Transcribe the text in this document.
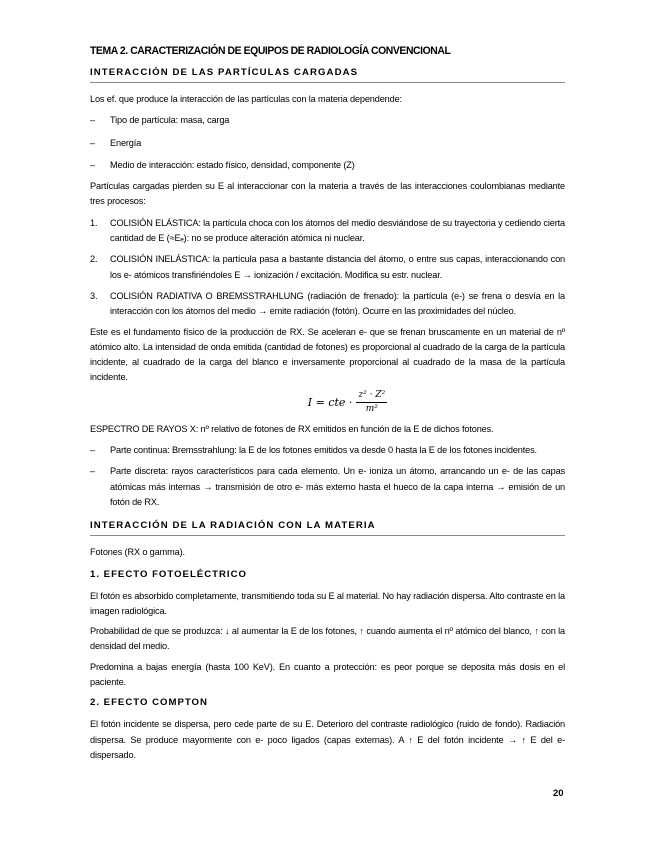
TEMA 2. CARACTERIZACIÓN DE EQUIPOS DE RADIOLOGÍA CONVENCIONAL
INTERACCIÓN DE LAS PARTÍCULAS CARGADAS

Los ef. que produce la interacción de las partículas con la materia dependende:

– Tipo de partícula: masa, carga
– Energía
– Medio de interacción: estado físico, densidad, componente (Z)

Partículas cargadas pierden su E al interaccionar con la materia a través de las interacciones coulombianas mediante tres procesos:

1. COLISIÓN ELÁSTICA: la partícula choca con los átomos del medio desviándose de su trayectoria y cediendo cierta cantidad de E (≈Eₑ): no se produce alteración atómica ni nuclear.
2. COLISIÓN INELÁSTICA: la partícula pasa a bastante distancia del átomo, o entre sus capas, interaccionando con los e- atómicos transfiriéndoles E → ionización / excitación. Modifica su estr. nuclear.
3. COLISIÓN RADIATIVA O BREMSSTRAHLUNG (radiación de frenado): la partícula (e-) se frena o desvía en la interacción con los átomos del medio → emite radiación (fotón). Ocurre en las proximidades del núcleo.

Este es el fundamento físico de la producción de RX. Se aceleran e- que se frenan bruscamente en un material de nº atómico alto. La intensidad de onda emitida (cantidad de fotones) es proporcional al cuadrado de la carga de la partícula incidente, al cuadrado de la carga del blanco e inversamente proporcional al cuadrado de la masa de la partícula incidente.

I = cte · $\frac{\text{z² · Z²}}{\text{m²}}$

ESPECTRO DE RAYOS X: nº relativo de fotones de RX emitidos en función de la E de dichos fotones.

– Parte continua: Bremsstrahlung: la E de los fotones emitidos va desde 0 hasta la E de los fotones incidentes.
– Parte discreta: rayos característicos para cada elemento. Un e- ioniza un átomo, arrancando un e- de las capas atómicas más internas → transmisión de otro e- más externo hasta el hueco de la capa interna → emisión de un fotón de RX.
INTERACCIÓN DE LA RADIACIÓN CON LA MATERIA

Fotones (RX o gamma).

1. EFECTO FOTOELÉCTRICO

El fotón es absorbido completamente, transmitiendo toda su E al material. No hay radiación dispersa. Alto contraste en la imagen radiológica.

Probabilidad de que se produzca: ↓ al aumentar la E de los fotones, ↑ cuando aumenta el nº atómico del blanco, ↑ con la densidad del medio.

Predomina a bajas energía (hasta 100 KeV). En cuanto a protección: es peor porque se deposita más dosis en el paciente.

2. EFECTO COMPTON

El fotón incidente se dispersa, pero cede parte de su E. Deterioro del contraste radiológico (ruido de fondo). Radiación dispersa. Se produce mayormente con e- poco ligados (capas externas). A ↑ E del fotón incidente → ↑ E del e- dispersado.

20
